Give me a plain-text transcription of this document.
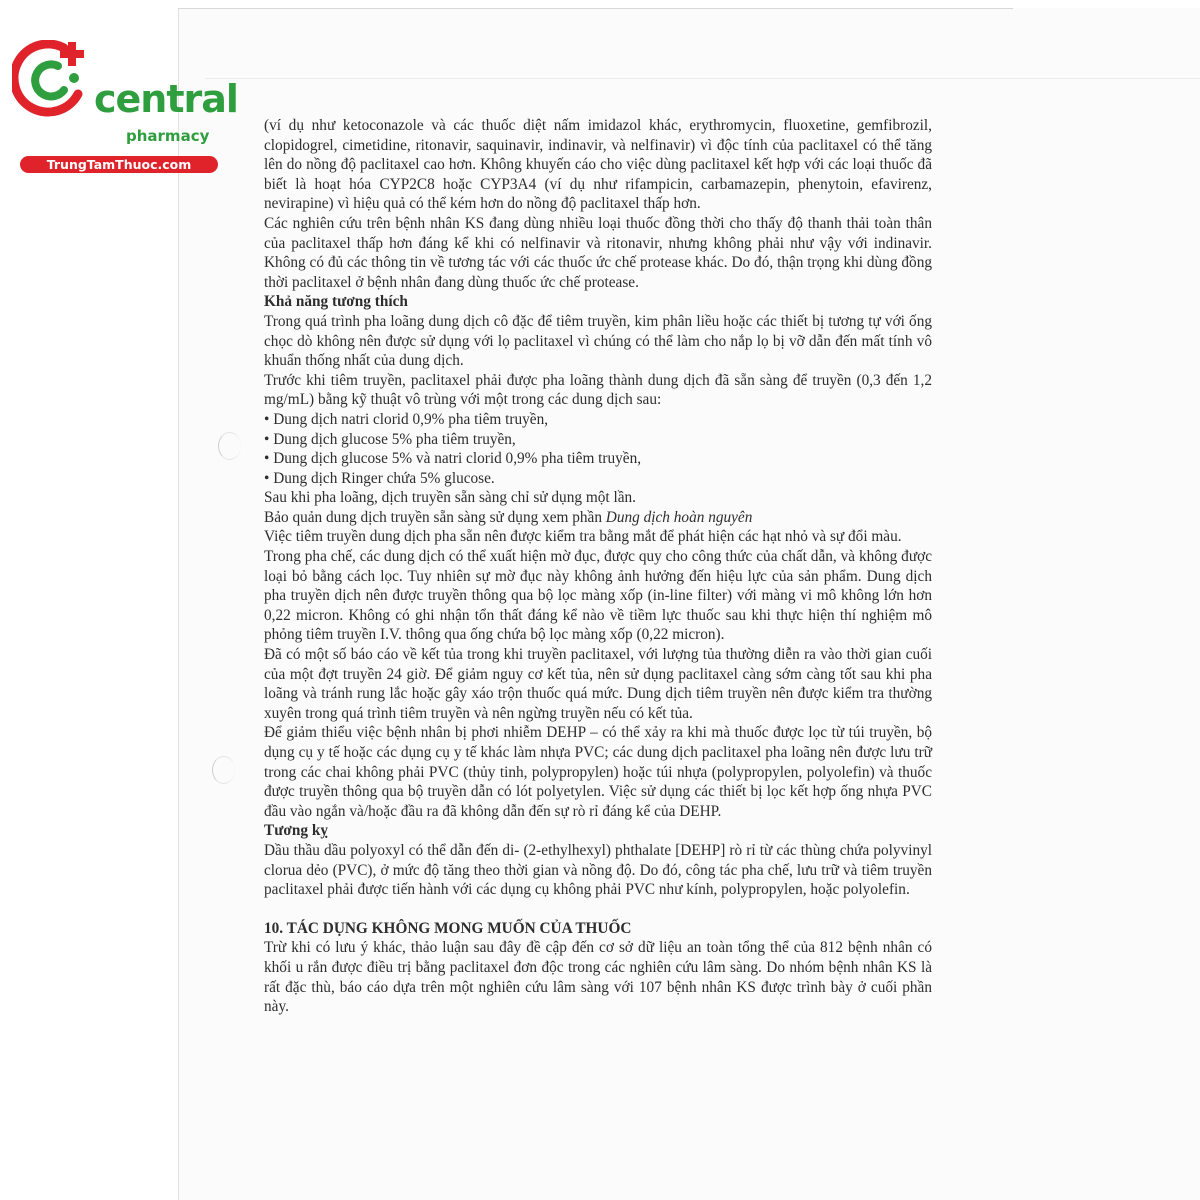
central
pharmacy
TrungTamThuoc.com

(ví dụ như ketoconazole và các thuốc diệt nấm imidazol khác, erythromycin, fluoxetine, gemfibrozil, clopidogrel, cimetidine, ritonavir, saquinavir, indinavir, và nelfinavir) vì độc tính của paclitaxel có thể tăng lên do nồng độ paclitaxel cao hơn. Không khuyến cáo cho việc dùng paclitaxel kết hợp với các loại thuốc đã biết là hoạt hóa CYP2C8 hoặc CYP3A4 (ví dụ như rifampicin, carbamazepin, phenytoin, efavirenz, nevirapine) vì hiệu quả có thể kém hơn do nồng độ paclitaxel thấp hơn.

Các nghiên cứu trên bệnh nhân KS đang dùng nhiều loại thuốc đồng thời cho thấy độ thanh thải toàn thân của paclitaxel thấp hơn đáng kể khi có nelfinavir và ritonavir, nhưng không phải như vậy với indinavir. Không có đủ các thông tin về tương tác với các thuốc ức chế protease khác. Do đó, thận trọng khi dùng đồng thời paclitaxel ở bệnh nhân đang dùng thuốc ức chế protease.

Khả năng tương thích

Trong quá trình pha loãng dung dịch cô đặc để tiêm truyền, kim phân liều hoặc các thiết bị tương tự với ống chọc dò không nên được sử dụng với lọ paclitaxel vì chúng có thể làm cho nắp lọ bị vỡ dẫn đến mất tính vô khuẩn thống nhất của dung dịch.

Trước khi tiêm truyền, paclitaxel phải được pha loãng thành dung dịch đã sẵn sàng để truyền (0,3 đến 1,2 mg/mL) bằng kỹ thuật vô trùng với một trong các dung dịch sau:

• Dung dịch natri clorid 0,9% pha tiêm truyền,
• Dung dịch glucose 5% pha tiêm truyền,
• Dung dịch glucose 5% và natri clorid 0,9% pha tiêm truyền,
• Dung dịch Ringer chứa 5% glucose.

Sau khi pha loãng, dịch truyền sẵn sàng chỉ sử dụng một lần.

Bảo quản dung dịch truyền sẵn sàng sử dụng xem phần Dung dịch hoàn nguyên

Việc tiêm truyền dung dịch pha sẵn nên được kiểm tra bằng mắt để phát hiện các hạt nhỏ và sự đổi màu.

Trong pha chế, các dung dịch có thể xuất hiện mờ đục, được quy cho công thức của chất dẫn, và không được loại bỏ bằng cách lọc. Tuy nhiên sự mờ đục này không ảnh hưởng đến hiệu lực của sản phẩm. Dung dịch pha truyền dịch nên được truyền thông qua bộ lọc màng xốp (in-line filter) với màng vi mô không lớn hơn 0,22 micron. Không có ghi nhận tổn thất đáng kể nào về tiềm lực thuốc sau khi thực hiện thí nghiệm mô phỏng tiêm truyền I.V. thông qua ống chứa bộ lọc màng xốp (0,22 micron).

Đã có một số báo cáo về kết tủa trong khi truyền paclitaxel, với lượng tủa thường diễn ra vào thời gian cuối của một đợt truyền 24 giờ. Để giảm nguy cơ kết tủa, nên sử dụng paclitaxel càng sớm càng tốt sau khi pha loãng và tránh rung lắc hoặc gây xáo trộn thuốc quá mức. Dung dịch tiêm truyền nên được kiểm tra thường xuyên trong quá trình tiêm truyền và nên ngừng truyền nếu có kết tủa.

Để giảm thiểu việc bệnh nhân bị phơi nhiễm DEHP – có thể xảy ra khi mà thuốc được lọc từ túi truyền, bộ dụng cụ y tế hoặc các dụng cụ y tế khác làm nhựa PVC; các dung dịch paclitaxel pha loãng nên được lưu trữ trong các chai không phải PVC (thủy tinh, polypropylen) hoặc túi nhựa (polypropylen, polyolefin) và thuốc được truyền thông qua bộ truyền dẫn có lót polyetylen. Việc sử dụng các thiết bị lọc kết hợp ống nhựa PVC đầu vào ngắn và/hoặc đầu ra đã không dẫn đến sự rò rỉ đáng kể của DEHP.

Tương kỵ

Dầu thầu dầu polyoxyl có thể dẫn đến di- (2-ethylhexyl) phthalate [DEHP] rò rỉ từ các thùng chứa polyvinyl clorua dẻo (PVC), ở mức độ tăng theo thời gian và nồng độ. Do đó, công tác pha chế, lưu trữ và tiêm truyền paclitaxel phải được tiến hành với các dụng cụ không phải PVC như kính, polypropylen, hoặc polyolefin.

10. TÁC DỤNG KHÔNG MONG MUỐN CỦA THUỐC

Trừ khi có lưu ý khác, thảo luận sau đây đề cập đến cơ sở dữ liệu an toàn tổng thể của 812 bệnh nhân có khối u rắn được điều trị bằng paclitaxel đơn độc trong các nghiên cứu lâm sàng. Do nhóm bệnh nhân KS là rất đặc thù, báo cáo dựa trên một nghiên cứu lâm sàng với 107 bệnh nhân KS được trình bày ở cuối phần này.
